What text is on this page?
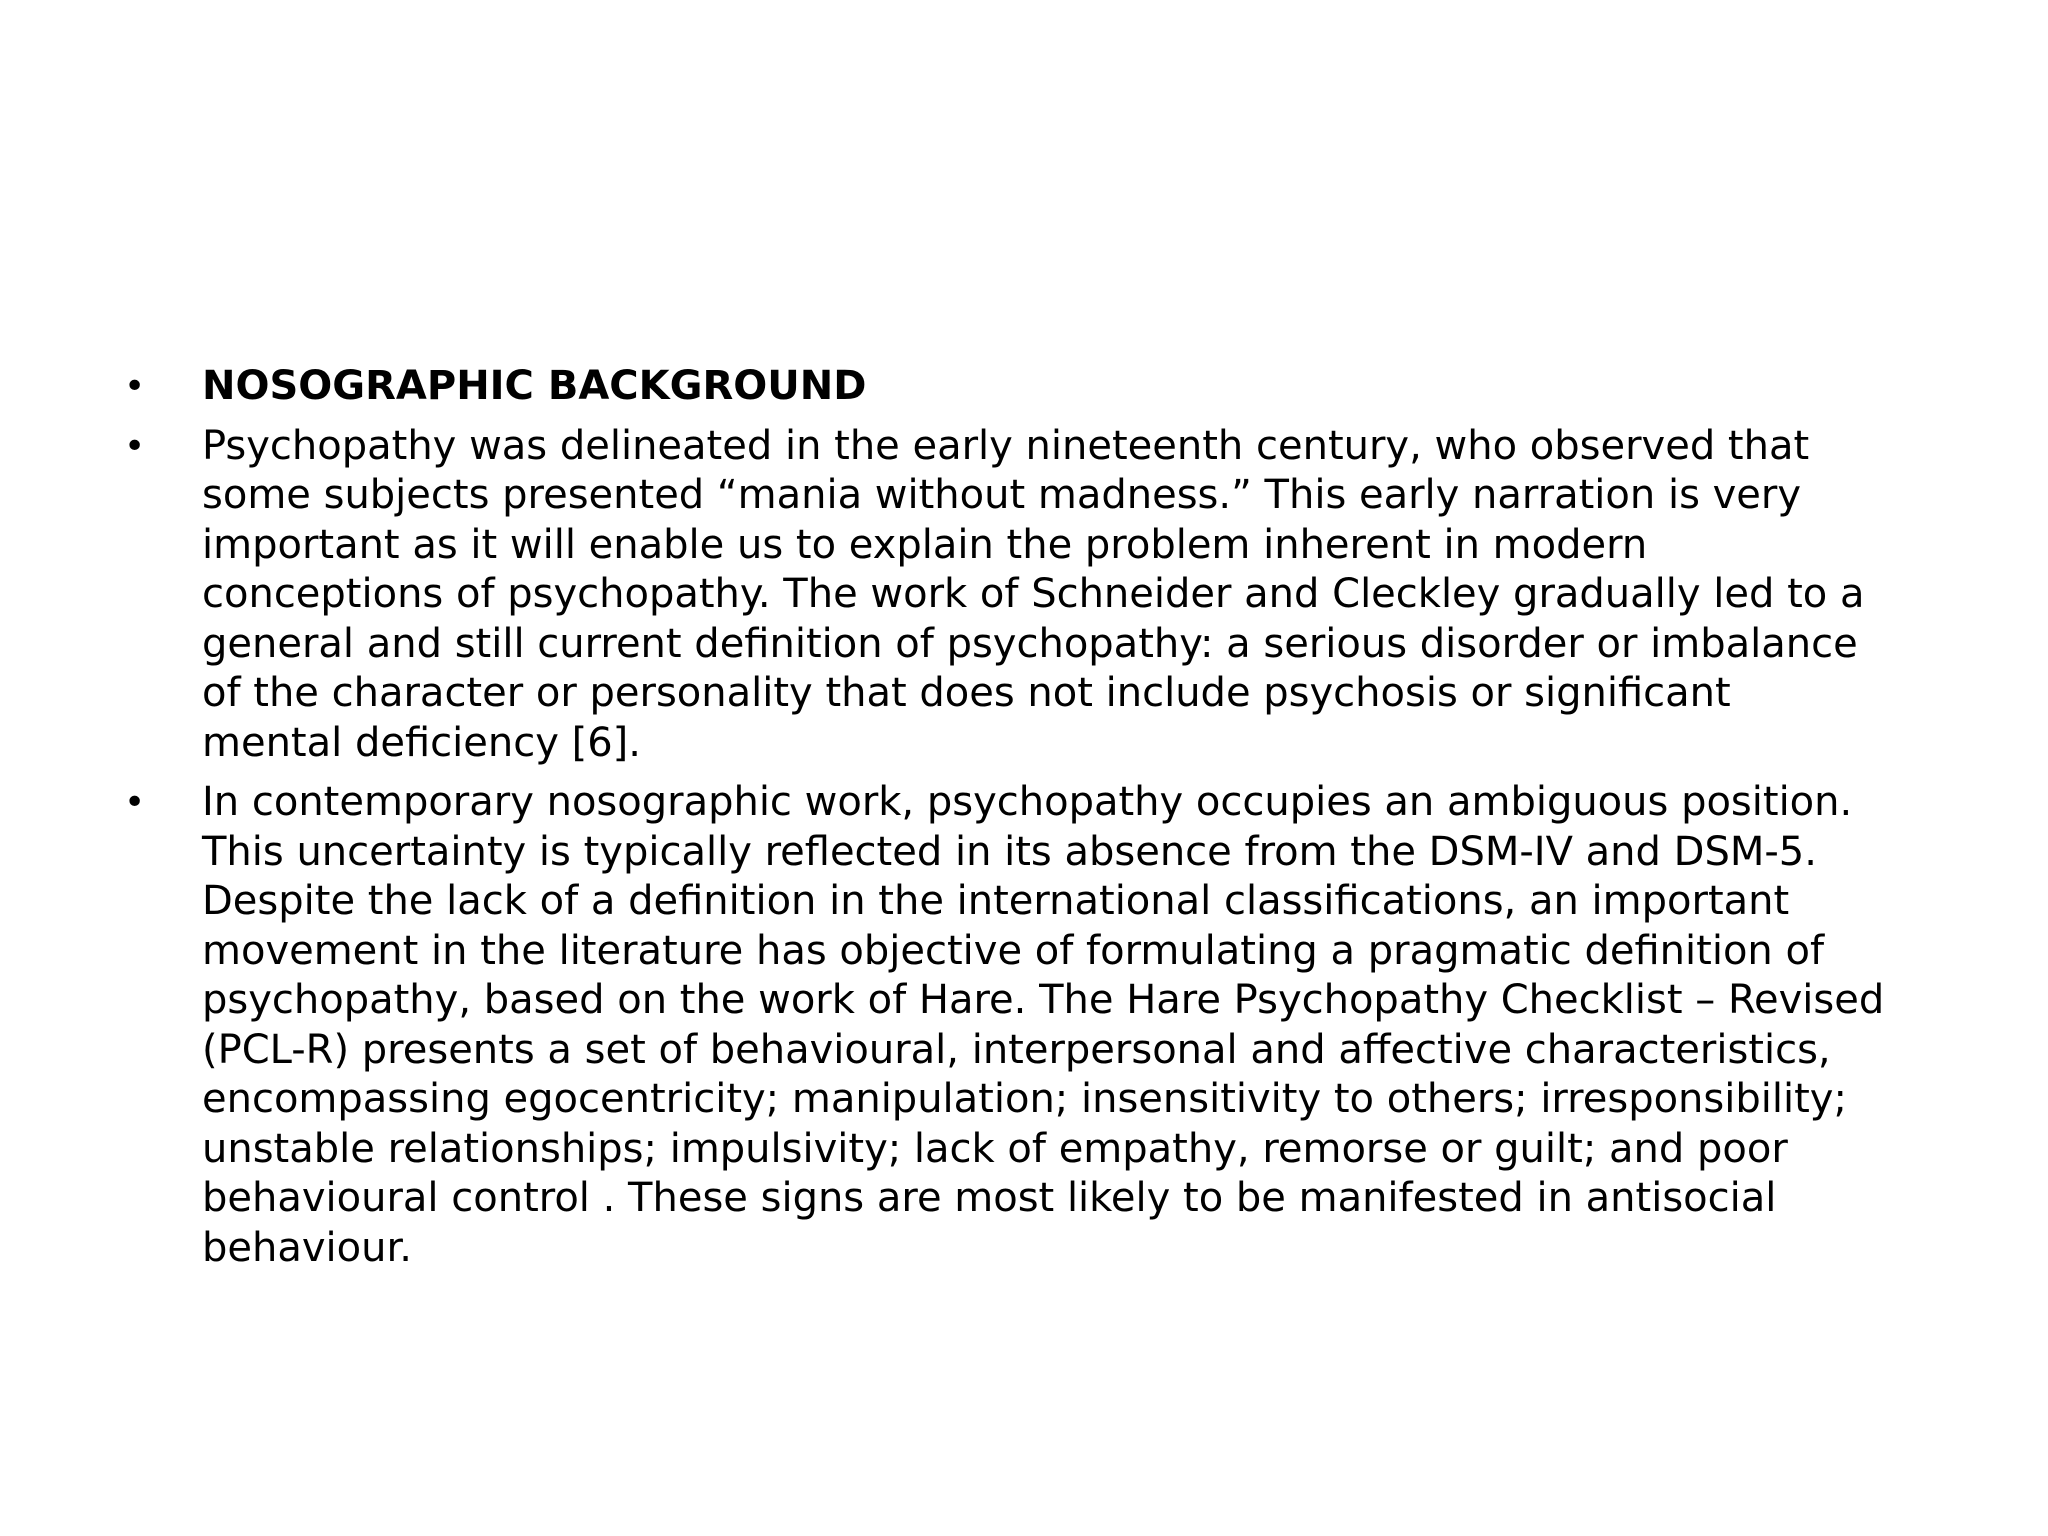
• NOSOGRAPHIC BACKGROUND
• Psychopathy was delineated in the early nineteenth century, who observed that
some subjects presented “mania without madness.” This early narration is very
important as it will enable us to explain the problem inherent in modern
conceptions of psychopathy. The work of Schneider and Cleckley gradually led to a
general and still current definition of psychopathy: a serious disorder or imbalance
of the character or personality that does not include psychosis or significant
mental deficiency [6].
• In contemporary nosographic work, psychopathy occupies an ambiguous position.
This uncertainty is typically reflected in its absence from the DSM-IV and DSM-5.
Despite the lack of a definition in the international classifications, an important
movement in the literature has objective of formulating a pragmatic definition of
psychopathy, based on the work of Hare. The Hare Psychopathy Checklist – Revised
(PCL-R) presents a set of behavioural, interpersonal and affective characteristics,
encompassing egocentricity; manipulation; insensitivity to others; irresponsibility;
unstable relationships; impulsivity; lack of empathy, remorse or guilt; and poor
behavioural control . These signs are most likely to be manifested in antisocial
behaviour.
